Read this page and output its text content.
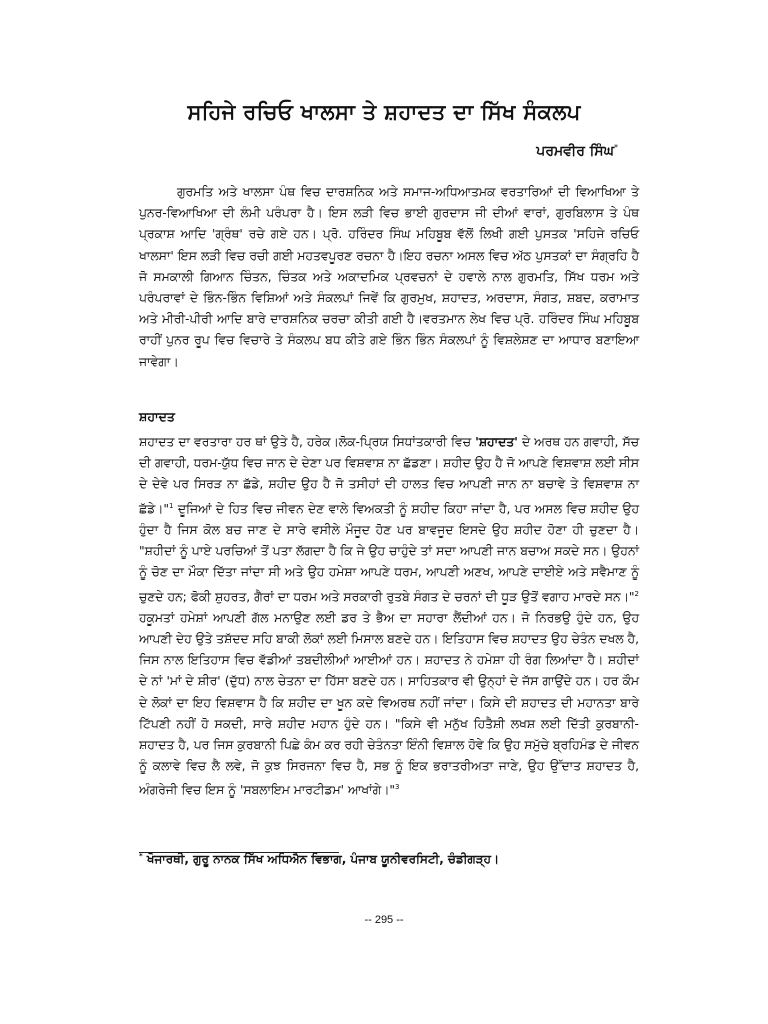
ਸਹਿਜੇ ਰਚਿਓ ਖਾਲਸਾ ਤੇ ਸ਼ਹਾਦਤ ਦਾ ਸਿੱਖ ਸੰਕਲਪ
ਪਰਮਵੀਰ ਸਿੰਘ*

ਗੁਰਮਤਿ ਅਤੇ ਖਾਲਸਾ ਪੰਥ ਵਿਚ ਦਾਰਸ਼ਨਿਕ ਅਤੇ ਸਮਾਜ-ਅਧਿਆਤਮਕ ਵਰਤਾਰਿਆਂ ਦੀ ਵਿਆਖਿਆ ਤੇ ਪੁਨਰ-ਵਿਆਖਿਆ ਦੀ ਲੰਮੀ ਪਰੰਪਰਾ ਹੈ। ਇਸ ਲੜੀ ਵਿਚ ਭਾਈ ਗੁਰਦਾਸ ਜੀ ਦੀਆਂ ਵਾਰਾਂ, ਗੁਰਬਿਲਾਸ ਤੇ ਪੰਥ ਪ੍ਰਕਾਸ਼ ਆਦਿ 'ਗ੍ਰੰਥ' ਰਚੇ ਗਏ ਹਨ। ਪ੍ਰੋ. ਹਰਿੰਦਰ ਸਿੰਘ ਮਹਿਬੂਬ ਵੱਲੋਂ ਲਿਖੀ ਗਈ ਪੁਸਤਕ 'ਸਹਿਜੇ ਰਚਿਓ ਖਾਲਸਾ' ਇਸ ਲੜੀ ਵਿਚ ਰਚੀ ਗਈ ਮਹਤਵਪੂਰਣ ਰਚਨਾ ਹੈ।ਇਹ ਰਚਨਾ ਅਸਲ ਵਿਚ ਅੱਠ ਪੁਸਤਕਾਂ ਦਾ ਸੰਗ੍ਰਹਿ ਹੈ ਜੋ ਸਮਕਾਲੀ ਗਿਆਨ ਚਿੰਤਨ, ਚਿੰਤਕ ਅਤੇ ਅਕਾਦਮਿਕ ਪ੍ਰਵਚਨਾਂ ਦੇ ਹਵਾਲੇ ਨਾਲ ਗੁਰਮਤਿ, ਸਿੱਖ ਧਰਮ ਅਤੇ ਪਰੰਪਰਾਵਾਂ ਦੇ ਭਿੰਨ-ਭਿੰਨ ਵਿਸ਼ਿਆਂ ਅਤੇ ਸੰਕਲਪਾਂ ਜਿਵੇਂ ਕਿ ਗੁਰਮੁਖ, ਸ਼ਹਾਦਤ, ਅਰਦਾਸ, ਸੰਗਤ, ਸ਼ਬਦ, ਕਰਾਮਾਤ ਅਤੇ ਮੀਰੀ-ਪੀਰੀ ਆਦਿ ਬਾਰੇ ਦਾਰਸ਼ਨਿਕ ਚਰਚਾ ਕੀਤੀ ਗਈ ਹੈ।ਵਰਤਮਾਨ ਲੇਖ ਵਿਚ ਪ੍ਰੋ. ਹਰਿੰਦਰ ਸਿੰਘ ਮਹਿਬੂਬ ਰਾਹੀਂ ਪੁਨਰ ਰੂਪ ਵਿਚ ਵਿਚਾਰੇ ਤੇ ਸੰਕਲਪ ਬਧ ਕੀਤੇ ਗਏ ਭਿੰਨ ਭਿੰਨ ਸੰਕਲਪਾਂ ਨੂੰ ਵਿਸ਼ਲੇਸ਼ਣ ਦਾ ਆਧਾਰ ਬਣਾਇਆ ਜਾਵੇਗਾ।

ਸ਼ਹਾਦਤ

ਸ਼ਹਾਦਤ ਦਾ ਵਰਤਾਰਾ ਹਰ ਥਾਂ ਉਤੇ ਹੈ, ਹਰੇਕ।ਲੋਕ-ਪ੍ਰਿਯ ਸਿਧਾਂਤਕਾਰੀ ਵਿਚ 'ਸ਼ਹਾਦਤ' ਦੇ ਅਰਥ ਹਨ ਗਵਾਹੀ, ਸੱਚ ਦੀ ਗਵਾਹੀ, ਧਰਮ-ਯੁੱਧ ਵਿਚ ਜਾਨ ਦੇ ਦੇਣਾ ਪਰ ਵਿਸ਼ਵਾਸ਼ ਨਾ ਛੱਡਣਾ। ਸ਼ਹੀਦ ਉਹ ਹੈ ਜੋ ਆਪਣੇ ਵਿਸ਼ਵਾਸ਼ ਲਈ ਸੀਸ ਦੇ ਦੇਵੇ ਪਰ ਸਿਰੜ ਨਾ ਛੱਡੇ, ਸ਼ਹੀਦ ਉਹ ਹੈ ਜੋ ਤਸੀਹਾਂ ਦੀ ਹਾਲਤ ਵਿਚ ਆਪਣੀ ਜਾਨ ਨਾ ਬਚਾਵੇ ਤੇ ਵਿਸ਼ਵਾਸ਼ ਨਾ ਛੱਡੇ।"$^1$ ਦੂਜਿਆਂ ਦੇ ਹਿਤ ਵਿਚ ਜੀਵਨ ਦੇਣ ਵਾਲੇ ਵਿਅਕਤੀ ਨੂੰ ਸ਼ਹੀਦ ਕਿਹਾ ਜਾਂਦਾ ਹੈ, ਪਰ ਅਸਲ ਵਿਚ ਸ਼ਹੀਦ ਉਹ ਹੁੰਦਾ ਹੈ ਜਿਸ ਕੋਲ ਬਚ ਜਾਣ ਦੇ ਸਾਰੇ ਵਸੀਲੇ ਮੌਜੂਦ ਹੋਣ ਪਰ ਬਾਵਜੂਦ ਇਸਦੇ ਉਹ ਸ਼ਹੀਦ ਹੋਣਾ ਹੀ ਚੁਣਦਾ ਹੈ। "ਸ਼ਹੀਦਾਂ ਨੂੰ ਪਾਏ ਪਰਚਿਆਂ ਤੋਂ ਪਤਾ ਲੱਗਦਾ ਹੈ ਕਿ ਜੇ ਉਹ ਚਾਹੁੰਦੇ ਤਾਂ ਸਦਾ ਆਪਣੀ ਜਾਨ ਬਚਾਅ ਸਕਦੇ ਸਨ। ਉਹਨਾਂ ਨੂੰ ਚੋਣ ਦਾ ਮੌਕਾ ਦਿੱਤਾ ਜਾਂਦਾ ਸੀ ਅਤੇ ਉਹ ਹਮੇਸ਼ਾ ਆਪਣੇ ਧਰਮ, ਆਪਣੀ ਅਣਖ, ਆਪਣੇ ਦਾਈਏ ਅਤੇ ਸਵੈਮਾਣ ਨੂੰ ਚੁਣਦੇ ਹਨ; ਫੋਕੀ ਸ਼ੁਹਰਤ, ਗੈਰਾਂ ਦਾ ਧਰਮ ਅਤੇ ਸਰਕਾਰੀ ਰੁਤਬੇ ਸੰਗਤ ਦੇ ਚਰਨਾਂ ਦੀ ਧੂੜ ਉਤੋਂ ਵਗਾਹ ਮਾਰਦੇ ਸਨ।"$^2$ ਹਕੂਮਤਾਂ ਹਮੇਸ਼ਾਂ ਆਪਣੀ ਗੱਲ ਮਨਾਉਣ ਲਈ ਡਰ ਤੇ ਭੈਅ ਦਾ ਸਹਾਰਾ ਲੈਂਦੀਆਂ ਹਨ। ਜੋ ਨਿਰਭਉ ਹੁੰਦੇ ਹਨ, ਉਹ ਆਪਣੀ ਦੇਹ ਉਤੇ ਤਸ਼ੱਦਦ ਸਹਿ ਬਾਕੀ ਲੋਕਾਂ ਲਈ ਮਿਸਾਲ ਬਣਦੇ ਹਨ। ਇਤਿਹਾਸ ਵਿਚ ਸ਼ਹਾਦਤ ਉਹ ਚੇਤੰਨ ਦਖਲ ਹੈ, ਜਿਸ ਨਾਲ ਇਤਿਹਾਸ ਵਿਚ ਵੱਡੀਆਂ ਤਬਦੀਲੀਆਂ ਆਈਆਂ ਹਨ। ਸ਼ਹਾਦਤ ਨੇ ਹਮੇਸ਼ਾ ਹੀ ਰੰਗ ਲਿਆਂਦਾ ਹੈ। ਸ਼ਹੀਦਾਂ ਦੇ ਨਾਂ 'ਮਾਂ ਦੇ ਸ਼ੀਰ' (ਦੁੱਧ) ਨਾਲ ਚੇਤਨਾ ਦਾ ਹਿੱਸਾ ਬਣਦੇ ਹਨ। ਸਾਹਿਤਕਾਰ ਵੀ ਉਨ੍ਹਾਂ ਦੇ ਜੱਸ ਗਾਉਂਦੇ ਹਨ। ਹਰ ਕੌਮ ਦੇ ਲੋਕਾਂ ਦਾ ਇਹ ਵਿਸ਼ਵਾਸ ਹੈ ਕਿ ਸ਼ਹੀਦ ਦਾ ਖੂਨ ਕਦੇ ਵਿਅਰਥ ਨਹੀਂ ਜਾਂਦਾ। ਕਿਸੇ ਦੀ ਸ਼ਹਾਦਤ ਦੀ ਮਹਾਨਤਾ ਬਾਰੇ ਟਿੱਪਣੀ ਨਹੀਂ ਹੋ ਸਕਦੀ, ਸਾਰੇ ਸ਼ਹੀਦ ਮਹਾਨ ਹੁੰਦੇ ਹਨ। "ਕਿਸੇ ਵੀ ਮਨੁੱਖ ਹਿਤੈਸ਼ੀ ਲਖਸ਼ ਲਈ ਦਿੱਤੀ ਕੁਰਬਾਨੀ- ਸ਼ਹਾਦਤ ਹੈ, ਪਰ ਜਿਸ ਕੁਰਬਾਨੀ ਪਿਛੇ ਕੰਮ ਕਰ ਰਹੀ ਚੇਤੰਨਤਾ ਇੰਨੀ ਵਿਸ਼ਾਲ ਹੋਵੇ ਕਿ ਉਹ ਸਮੁੱਚੇ ਬ੍ਰਹਿਮੰਡ ਦੇ ਜੀਵਨ ਨੂੰ ਕਲਾਵੇ ਵਿਚ ਲੈ ਲਵੇ, ਜੋ ਕੁਝ ਸਿਰਜਨਾ ਵਿਚ ਹੈ, ਸਭ ਨੂੰ ਇਕ ਭਰਾਤਰੀਅਤਾ ਜਾਣੇ, ਉਹ ਉੱਦਾਤ ਸ਼ਹਾਦਤ ਹੈ, ਅੰਗਰੇਜੀ ਵਿਚ ਇਸ ਨੂੰ 'ਸਬਲਾਇਮ ਮਾਰਟੀਡਮ' ਆਖਾਂਗੇ।"$^3$

* ਖੋਜਾਰਥੀ, ਗੁਰੂ ਨਾਨਕ ਸਿੱਖ ਅਧਿਐਨ ਵਿਭਾਗ, ਪੰਜਾਬ ਯੂਨੀਵਰਸਿਟੀ, ਚੰਡੀਗੜ੍ਹ।
-- 295 --
